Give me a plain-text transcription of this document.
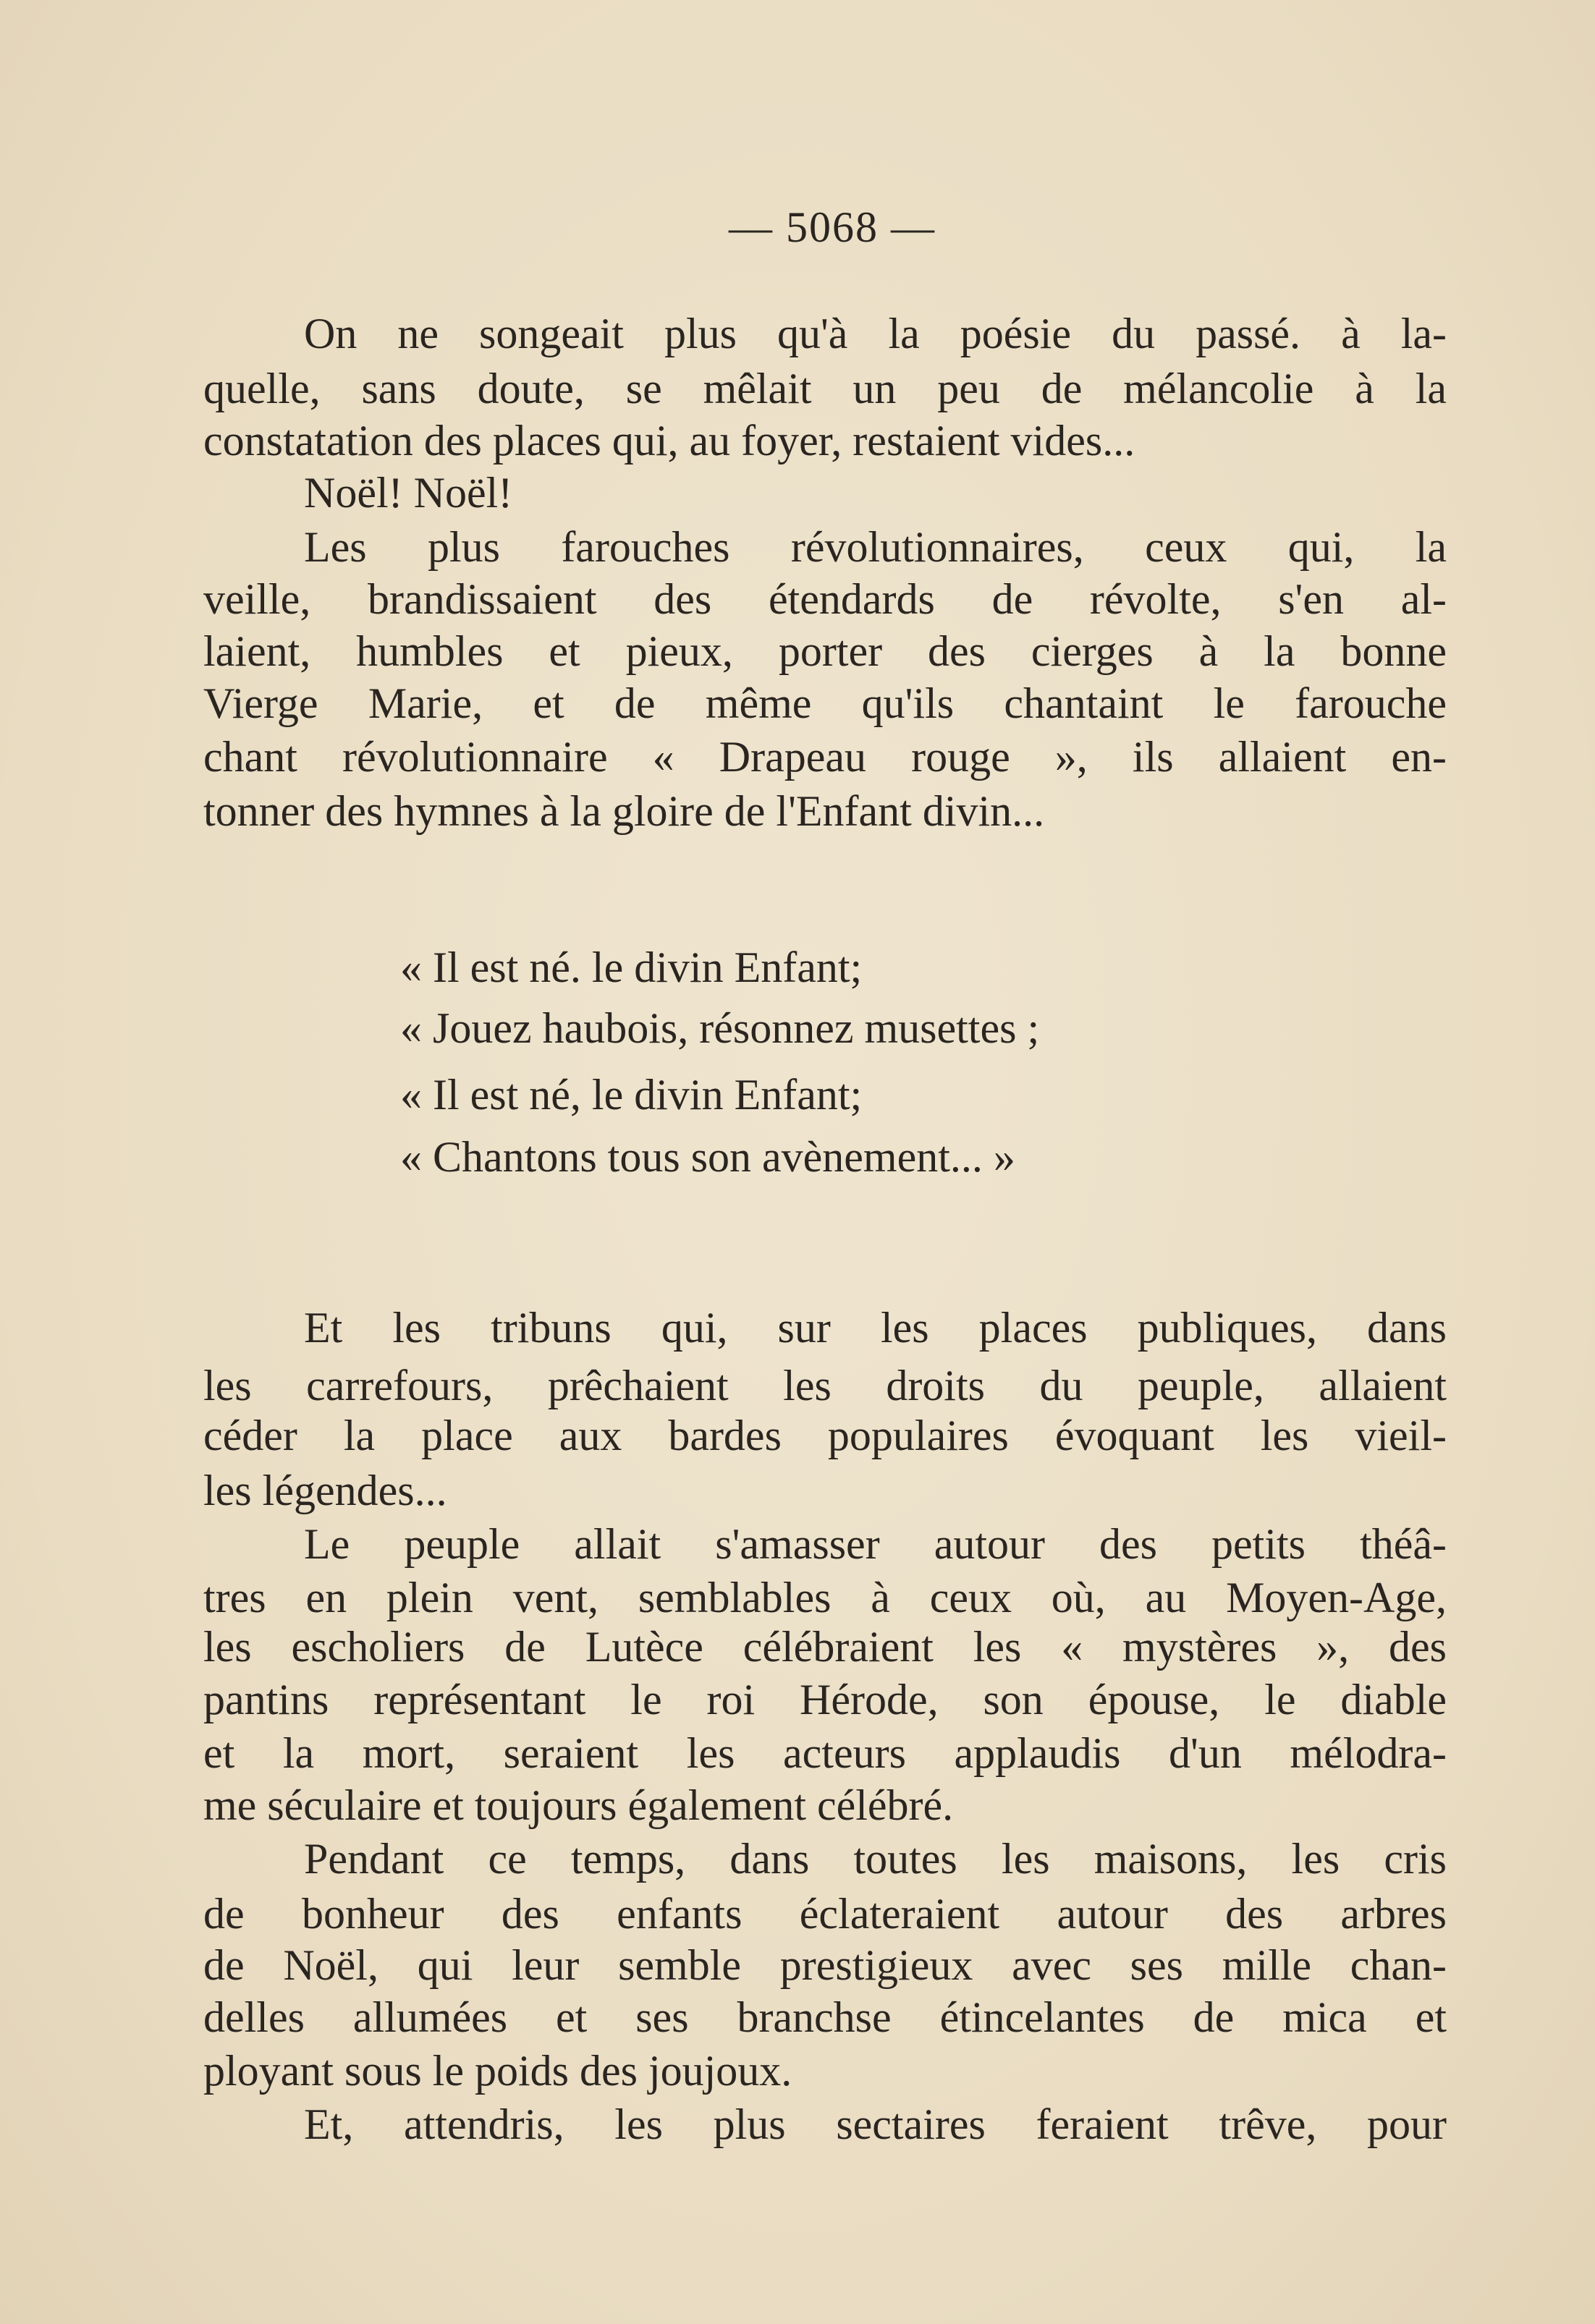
— 5068 —
On ne songeait plus qu'à la poésie du passé. à la-
quelle, sans doute, se mêlait un peu de mélancolie à la
constatation des places qui, au foyer, restaient vides...
Noël! Noël!
Les plus farouches révolutionnaires, ceux qui, la
veille, brandissaient des étendards de révolte, s'en al-
laient, humbles et pieux, porter des cierges à la bonne
Vierge Marie, et de même qu'ils chantaint le farouche
chant révolutionnaire « Drapeau rouge », ils allaient en-
tonner des hymnes à la gloire de l'Enfant divin...
« Il est né. le divin Enfant;
« Jouez haubois, résonnez musettes ;
« Il est né, le divin Enfant;
« Chantons tous son avènement... »
Et les tribuns qui, sur les places publiques, dans
les carrefours, prêchaient les droits du peuple, allaient
céder la place aux bardes populaires évoquant les vieil-
les légendes...
Le peuple allait s'amasser autour des petits théâ-
tres en plein vent, semblables à ceux où, au Moyen-Age,
les escholiers de Lutèce célébraient les « mystères », des
pantins représentant le roi Hérode, son épouse, le diable
et la mort, seraient les acteurs applaudis d'un mélodra-
me séculaire et toujours également célébré.
Pendant ce temps, dans toutes les maisons, les cris
de bonheur des enfants éclateraient autour des arbres
de Noël, qui leur semble prestigieux avec ses mille chan-
delles allumées et ses branchse étincelantes de mica et
ployant sous le poids des joujoux.
Et, attendris, les plus sectaires feraient trêve, pour
